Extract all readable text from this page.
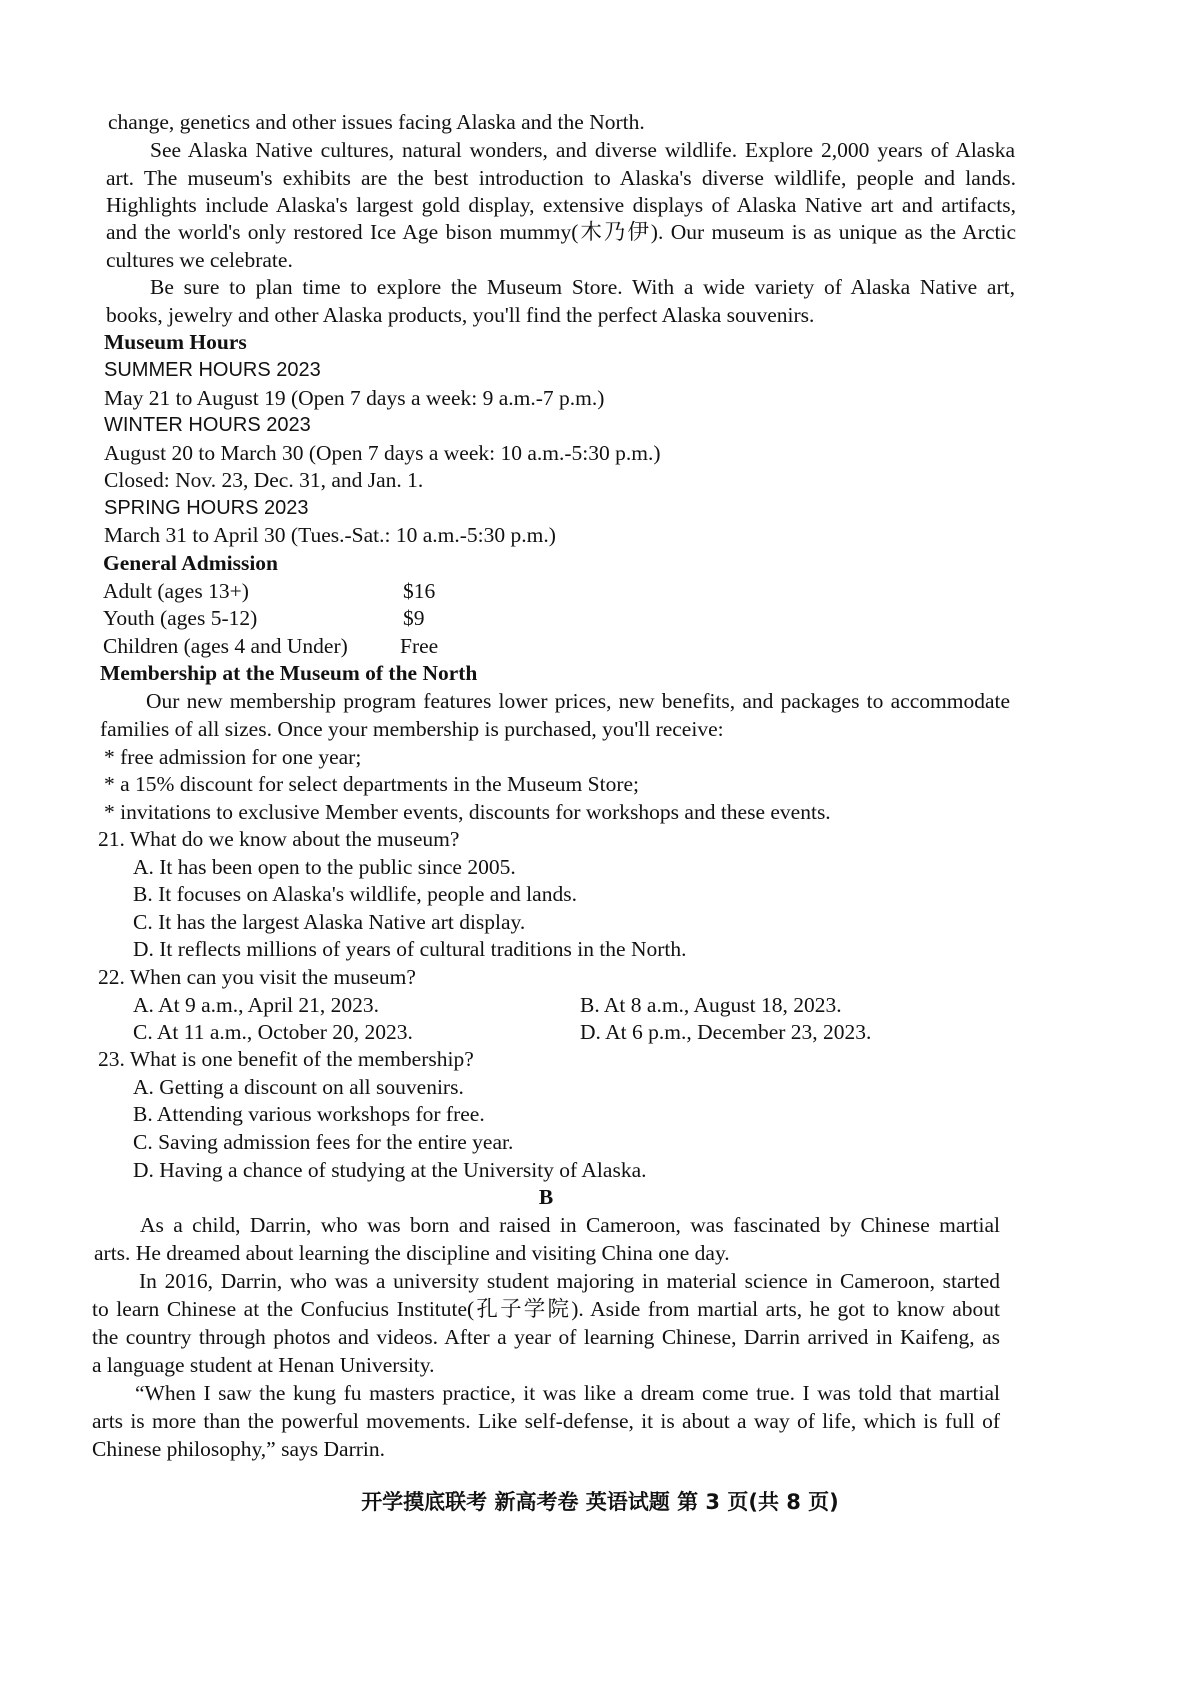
change, genetics and other issues facing Alaska and the North.
See Alaska Native cultures, natural wonders, and diverse wildlife. Explore 2,000 years of Alaska
art. The museum's exhibits are the best introduction to Alaska's diverse wildlife, people and lands.
Highlights include Alaska's largest gold display, extensive displays of Alaska Native art and artifacts,
and the world's only restored Ice Age bison mummy(木乃伊). Our museum is as unique as the Arctic
cultures we celebrate.
Be sure to plan time to explore the Museum Store. With a wide variety of Alaska Native art,
books, jewelry and other Alaska products, you'll find the perfect Alaska souvenirs.
Museum Hours
SUMMER HOURS 2023
May 21 to August 19 (Open 7 days a week: 9 a.m.-7 p.m.)
WINTER HOURS 2023
August 20 to March 30 (Open 7 days a week: 10 a.m.-5:30 p.m.)
Closed: Nov. 23, Dec. 31, and Jan. 1.
SPRING HOURS 2023
March 31 to April 30 (Tues.-Sat.: 10 a.m.-5:30 p.m.)
General Admission
Adult (ages 13+)	$16
Youth (ages 5-12)	$9
Children (ages 4 and Under) Free
Membership at the Museum of the North
Our new membership program features lower prices, new benefits, and packages to accommodate
families of all sizes. Once your membership is purchased, you'll receive:
* free admission for one year;
* a 15% discount for select departments in the Museum Store;
* invitations to exclusive Member events, discounts for workshops and these events.
21. What do we know about the museum?
A. It has been open to the public since 2005.
B. It focuses on Alaska's wildlife, people and lands.
C. It has the largest Alaska Native art display.
D. It reflects millions of years of cultural traditions in the North.
22. When can you visit the museum?
A. At 9 a.m., April 21, 2023.	B. At 8 a.m., August 18, 2023.
C. At 11 a.m., October 20, 2023.	D. At 6 p.m., December 23, 2023.
23. What is one benefit of the membership?
A. Getting a discount on all souvenirs.
B. Attending various workshops for free.
C. Saving admission fees for the entire year.
D. Having a chance of studying at the University of Alaska.
B
As a child, Darrin, who was born and raised in Cameroon, was fascinated by Chinese martial
arts. He dreamed about learning the discipline and visiting China one day.
In 2016, Darrin, who was a university student majoring in material science in Cameroon, started
to learn Chinese at the Confucius Institute(孔子学院). Aside from martial arts, he got to know about
the country through photos and videos. After a year of learning Chinese, Darrin arrived in Kaifeng, as
a language student at Henan University.
“When I saw the kung fu masters practice, it was like a dream come true. I was told that martial
arts is more than the powerful movements. Like self-defense, it is about a way of life, which is full of
Chinese philosophy,” says Darrin.
开学摸底联考 新高考卷 英语试题 第 3 页(共 8 页)
